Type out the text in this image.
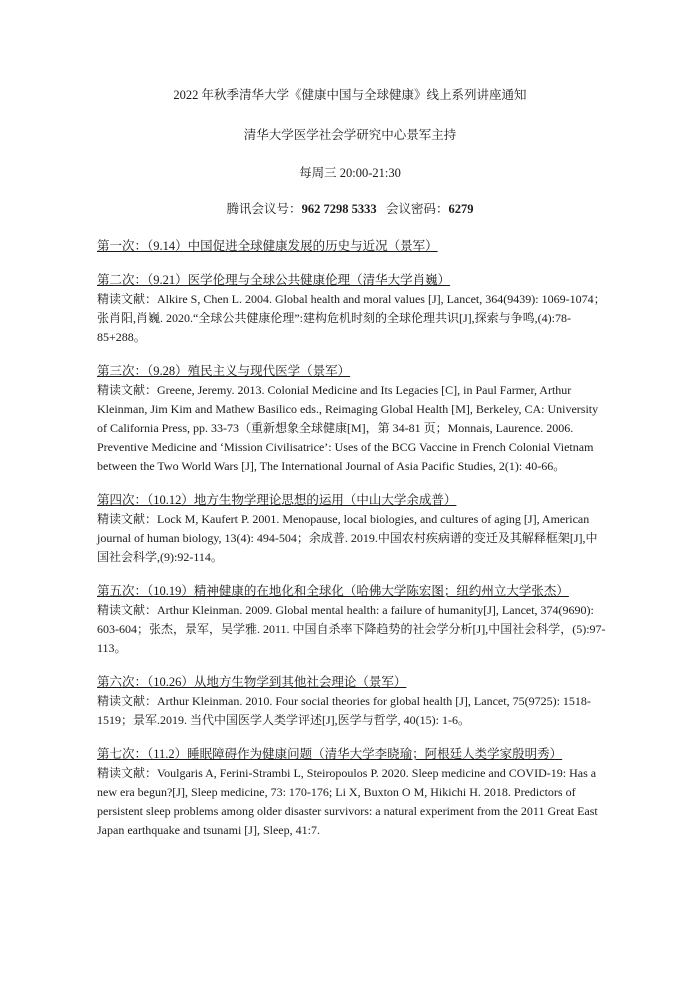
2022 年秋季清华大学《健康中国与全球健康》线上系列讲座通知
清华大学医学社会学研究中心景军主持
每周三 20:00-21:30
腾讯会议号：962 7298 5333 会议密码：6279
第一次：（9.14）中国促进全球健康发展的历史与近况（景军）
第二次：（9.21）医学伦理与全球公共健康伦理（清华大学肖巍）

精读文献：Alkire S, Chen L. 2004. Global health and moral values [J], Lancet, 364(9439): 1069-1074；张肖阳,肖巍. 2020.“全球公共健康伦理”:建构危机时刻的全球伦理共识[J],探索与争鸣,(4):78-85+288。

第三次：（9.28）殖民主义与现代医学（景军）

精读文献：Greene, Jeremy. 2013. Colonial Medicine and Its Legacies [C], in Paul Farmer, Arthur Kleinman, Jim Kim and Mathew Basilico eds., Reimaging Global Health [M], Berkeley, CA: University of California Press, pp. 33-73（重新想象全球健康[M]，第 34-81 页；Monnais, Laurence. 2006. Preventive Medicine and ‘Mission Civilisatrice’: Uses of the BCG Vaccine in French Colonial Vietnam between the Two World Wars [J], The International Journal of Asia Pacific Studies, 2(1): 40-66。

第四次：（10.12）地方生物学理论思想的运用（中山大学余成普）

精读文献：Lock M, Kaufert P. 2001. Menopause, local biologies, and cultures of aging [J], American journal of human biology, 13(4): 494-504；余成普. 2019.中国农村疾病谱的变迁及其解释框架[J],中国社会科学,(9):92-114。

第五次：（10.19）精神健康的在地化和全球化（哈佛大学陈宏图；纽约州立大学张杰）

精读文献：Arthur Kleinman. 2009. Global mental health: a failure of humanity[J], Lancet, 374(9690): 603-604；张杰，景军，吴学雅. 2011. 中国自杀率下降趋势的社会学分析[J],中国社会科学，(5):97-113。

第六次：（10.26）从地方生物学到其他社会理论（景军）

精读文献：Arthur Kleinman. 2010. Four social theories for global health [J], Lancet, 75(9725): 1518-1519；景军.2019. 当代中国医学人类学评述[J],医学与哲学, 40(15): 1-6。

第七次：（11.2）睡眠障碍作为健康问题（清华大学李晓瑜；阿根廷人类学家殷明秀）

精读文献：Voulgaris A, Ferini-Strambi L, Steiropoulos P. 2020. Sleep medicine and COVID-19: Has a new era begun?[J], Sleep medicine, 73: 170-176; Li X, Buxton O M, Hikichi H. 2018. Predictors of persistent sleep problems among older disaster survivors: a natural experiment from the 2011 Great East Japan earthquake and tsunami [J], Sleep, 41:7.
